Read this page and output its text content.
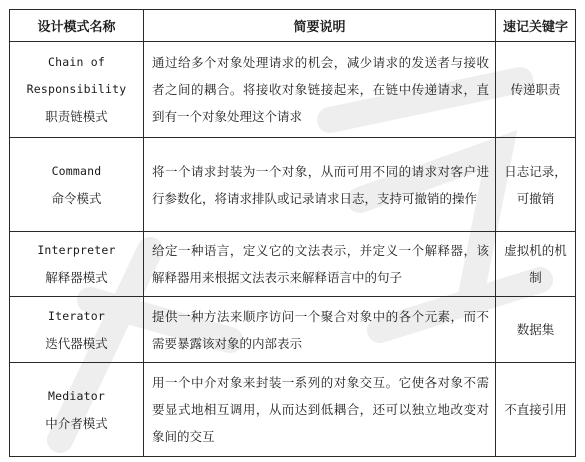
设计模式名称	简要说明	速记关键字

Chain of
Responsibility
职责链模式	通过给多个对象处理请求的机会，减少请求的发送者与接收者之间的耦合。将接收对象链接起来，在链中传递请求，直到有一个对象处理这个请求	传递职责

Command
命令模式	将一个请求封装为一个对象，从而可用不同的请求对客户进行参数化，将请求排队或记录请求日志，支持可撤销的操作	日志记录，
可撤销

Interpreter
解释器模式	给定一种语言，定义它的文法表示，并定义一个解释器，该解释器用来根据文法表示来解释语言中的句子	虚拟机的机制

Iterator
迭代器模式	提供一种方法来顺序访问一个聚合对象中的各个元素，而不需要暴露该对象的内部表示	数据集

Mediator
中介者模式	用一个中介对象来封装一系列的对象交互。它使各对象不需要显式地相互调用，从而达到低耦合，还可以独立地改变对象间的交互	不直接引用
